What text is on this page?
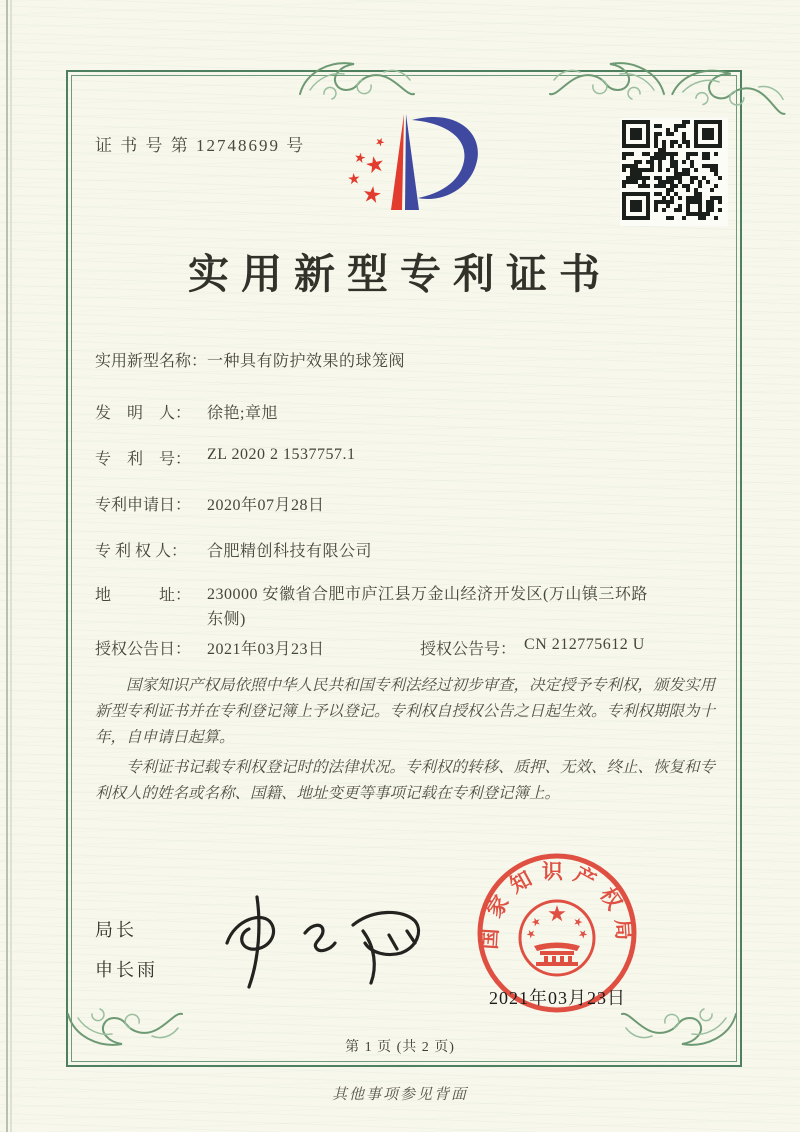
证 书 号 第 12748699 号
实用新型专利证书
实用新型名称： 一种具有防护效果的球笼阀
发　明　人： 徐艳;章旭
专　利　号： ZL 2020 2 1537757.1
专利申请日： 2020年07月28日
专 利 权 人： 合肥精创科技有限公司
地　　　址： 230000 安徽省合肥市庐江县万金山经济开发区(万山镇三环路东侧)
授权公告日： 2021年03月23日	授权公告号： CN 212775612 U

国家知识产权局依照中华人民共和国专利法经过初步审查，决定授予专利权，颁发实用新型专利证书并在专利登记簿上予以登记。专利权自授权公告之日起生效。专利权期限为十年，自申请日起算。

专利证书记载专利权登记时的法律状况。专利权的转移、质押、无效、终止、恢复和专利权人的姓名或名称、国籍、地址变更等事项记载在专利登记簿上。

局长
申长雨
国家知识产权局
2021年03月23日
第 1 页 (共 2 页)
其他事项参见背面
